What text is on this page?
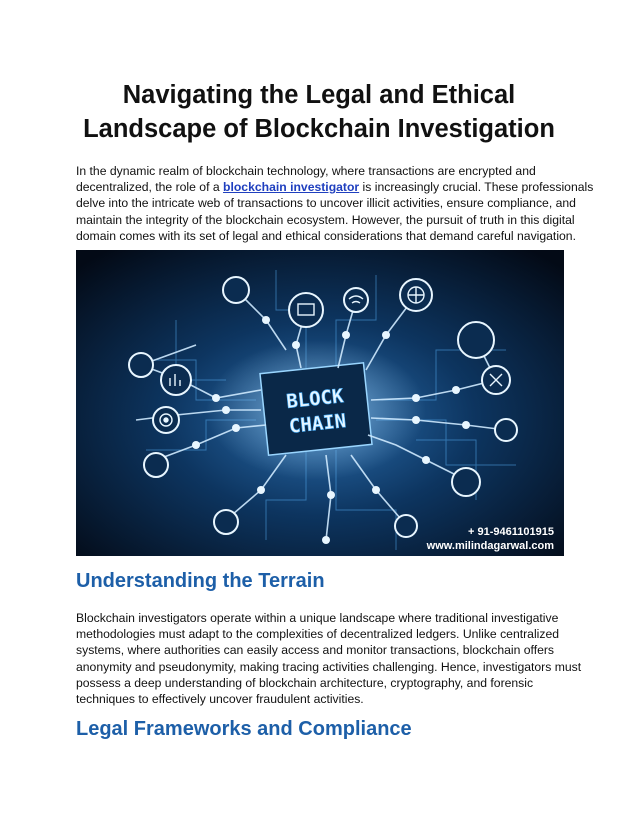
Navigating the Legal and Ethical
Landscape of Blockchain Investigation

In the dynamic realm of blockchain technology, where transactions are encrypted and
decentralized, the role of a blockchain investigator is increasingly crucial. These professionals
delve into the intricate web of transactions to uncover illicit activities, ensure compliance, and
maintain the integrity of the blockchain ecosystem. However, the pursuit of truth in this digital
domain comes with its set of legal and ethical considerations that demand careful navigation.

BLOCK
CHAIN
+ 91-9461101915
www.milindagarwal.com
Understanding the Terrain

Blockchain investigators operate within a unique landscape where traditional investigative
methodologies must adapt to the complexities of decentralized ledgers. Unlike centralized
systems, where authorities can easily access and monitor transactions, blockchain offers
anonymity and pseudonymity, making tracing activities challenging. Hence, investigators must
possess a deep understanding of blockchain architecture, cryptography, and forensic
techniques to effectively uncover fraudulent activities.

Legal Frameworks and Compliance
